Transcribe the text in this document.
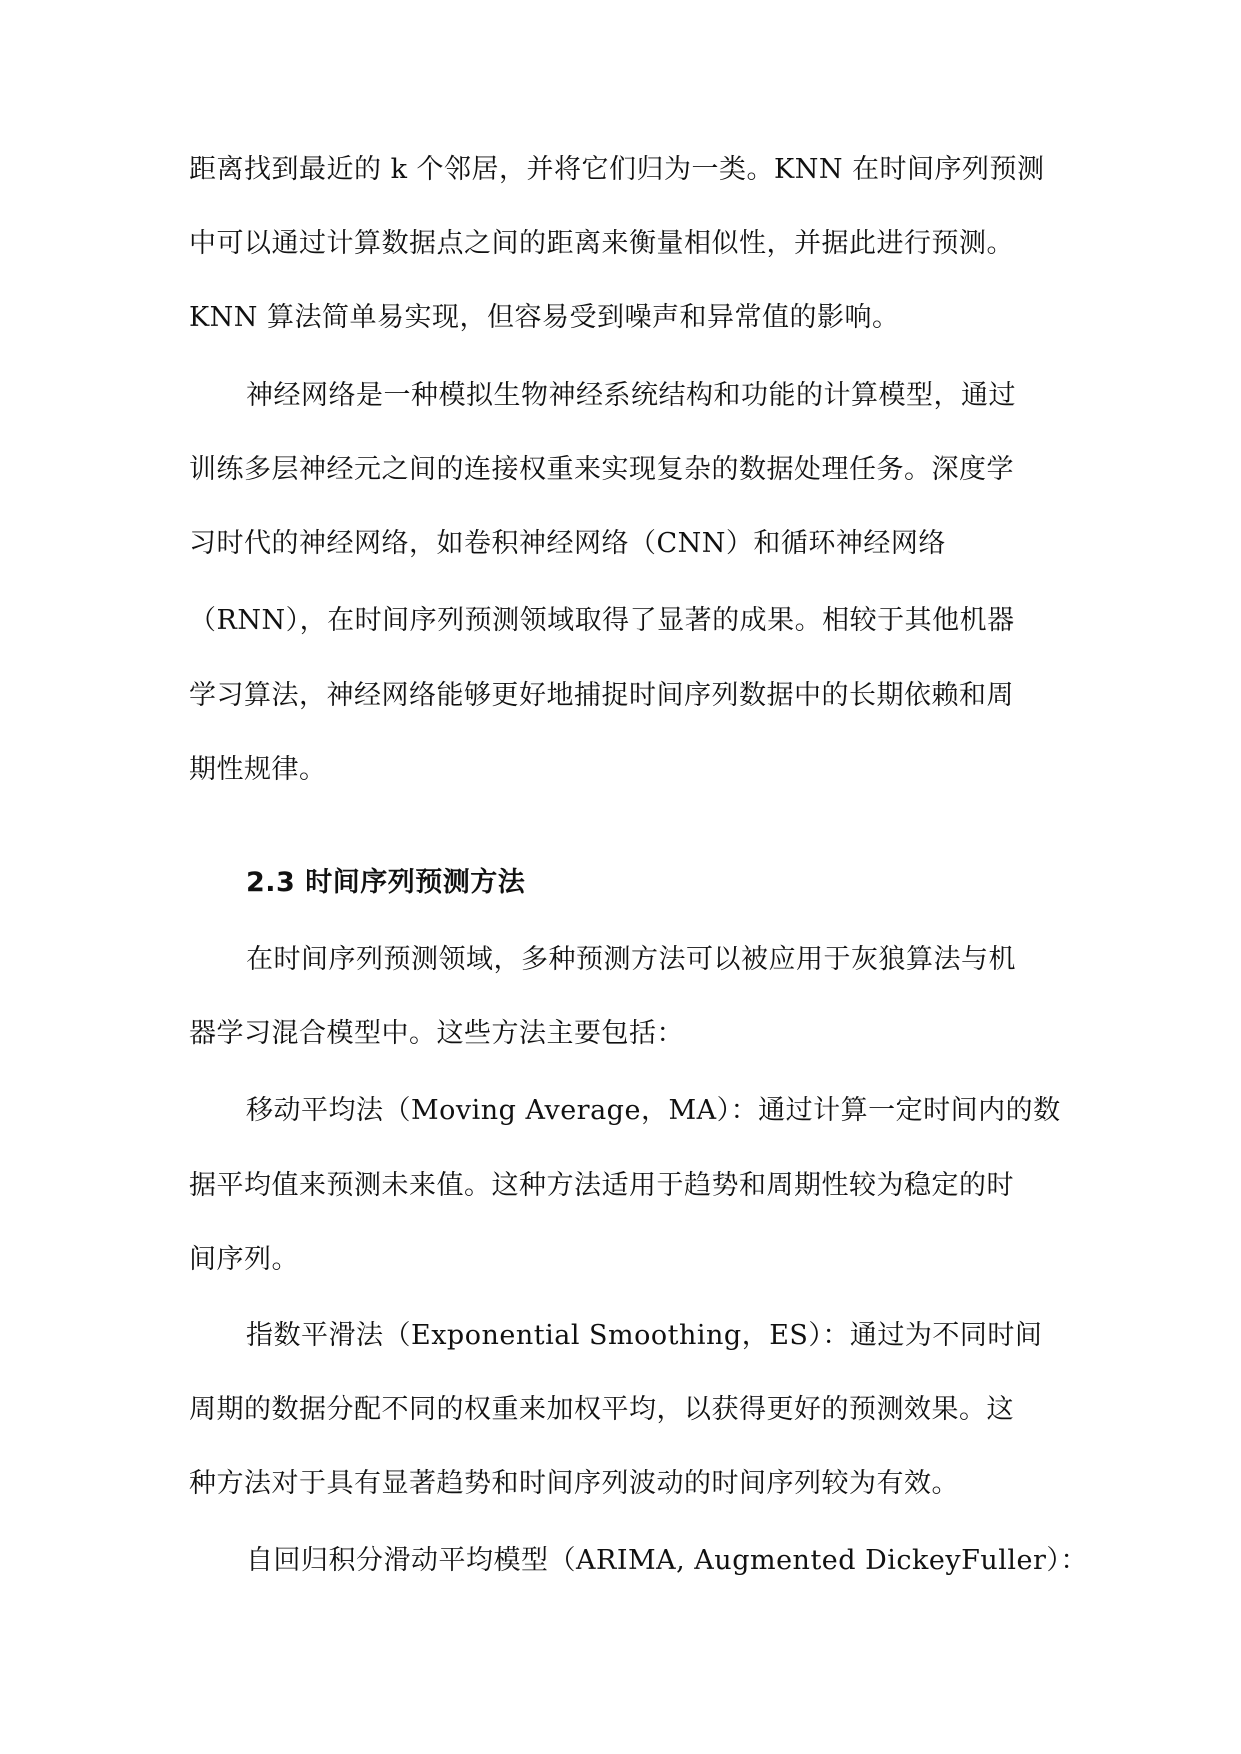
距离找到最近的 k 个邻居，并将它们归为一类。KNN 在时间序列预测
中可以通过计算数据点之间的距离来衡量相似性，并据此进行预测。
KNN 算法简单易实现，但容易受到噪声和异常值的影响。
神经网络是一种模拟生物神经系统结构和功能的计算模型，通过
训练多层神经元之间的连接权重来实现复杂的数据处理任务。深度学
习时代的神经网络，如卷积神经网络（CNN）和循环神经网络
（RNN），在时间序列预测领域取得了显著的成果。相较于其他机器
学习算法，神经网络能够更好地捕捉时间序列数据中的长期依赖和周
期性规律。
2.3 时间序列预测方法
在时间序列预测领域，多种预测方法可以被应用于灰狼算法与机
器学习混合模型中。这些方法主要包括：
移动平均法（Moving Average，MA）：通过计算一定时间内的数
据平均值来预测未来值。这种方法适用于趋势和周期性较为稳定的时
间序列。
指数平滑法（Exponential Smoothing，ES）：通过为不同时间
周期的数据分配不同的权重来加权平均，以获得更好的预测效果。这
种方法对于具有显著趋势和时间序列波动的时间序列较为有效。
自回归积分滑动平均模型（ARIMA, Augmented DickeyFuller）：
